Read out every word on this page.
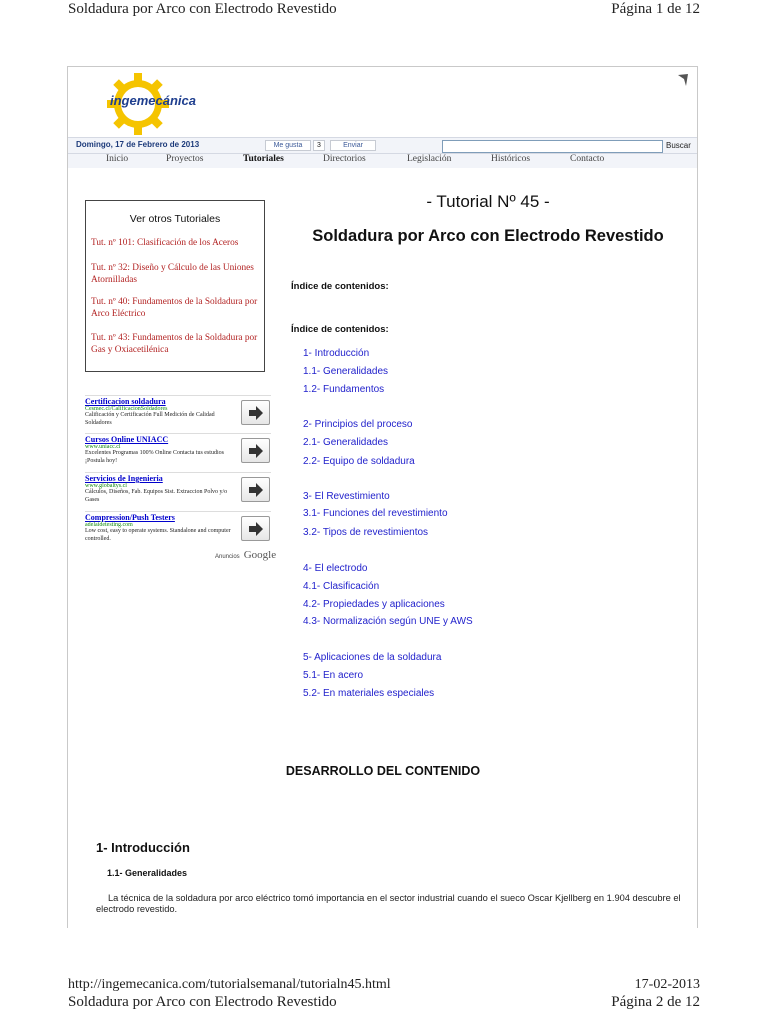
Soldadura por Arco con Electrodo Revestido	Página 1 de 12
ingemecánica
Domingo, 17 de Febrero de 2013	Me gusta	3	Enviar	Buscar
Inicio	Proyectos	Tutoriales	Directorios	Legislación	Históricos	Contacto
Ver otros Tutoriales
Tut. nº 101: Clasificación de los Aceros
Tut. nº 32: Diseño y Cálculo de las Uniones Atornilladas
Tut. nº 40: Fundamentos de la Soldadura por Arco Eléctrico
Tut. nº 43: Fundamentos de la Soldadura por Gas y Oxiacetilénica
Certificacion soldadura
Cesmec.cl/CalificacionSoldadores
Calificación y Certificación Full Medición de Calidad Soldadores
Cursos Online UNIACC
www.uniacc.cl
Excelentes Programas 100% Online Contacta tus estudios ¡Postula hoy!
Servicios de Ingenieria
www.globaltys.cl
Cálculos, Diseños, Fab. Equipos Sist. Extraccion Polvo y/o Gases
Compression/Push Testers
adelaidetesting.com
Low cost, easy to operate systems. Standalone and computer controlled.
Anuncios Google
- Tutorial Nº 45 -
Soldadura por Arco con Electrodo Revestido
Índice de contenidos:
Índice de contenidos:
1- Introducción
1.1- Generalidades
1.2- Fundamentos
2- Principios del proceso
2.1- Generalidades
2.2- Equipo de soldadura
3- El Revestimiento
3.1- Funciones del revestimiento
3.2- Tipos de revestimientos
4- El electrodo
4.1- Clasificación
4.2- Propiedades y aplicaciones
4.3- Normalización según UNE y AWS
5- Aplicaciones de la soldadura
5.1- En acero
5.2- En materiales especiales
DESARROLLO DEL CONTENIDO
1- Introducción
1.1- Generalidades
La técnica de la soldadura por arco eléctrico tomó importancia en el sector industrial cuando el sueco Oscar Kjellberg en 1.904 descubre el electrodo revestido.
http://ingemecanica.com/tutorialsemanal/tutorialn45.html	17-02-2013
Soldadura por Arco con Electrodo Revestido	Página 2 de 12
